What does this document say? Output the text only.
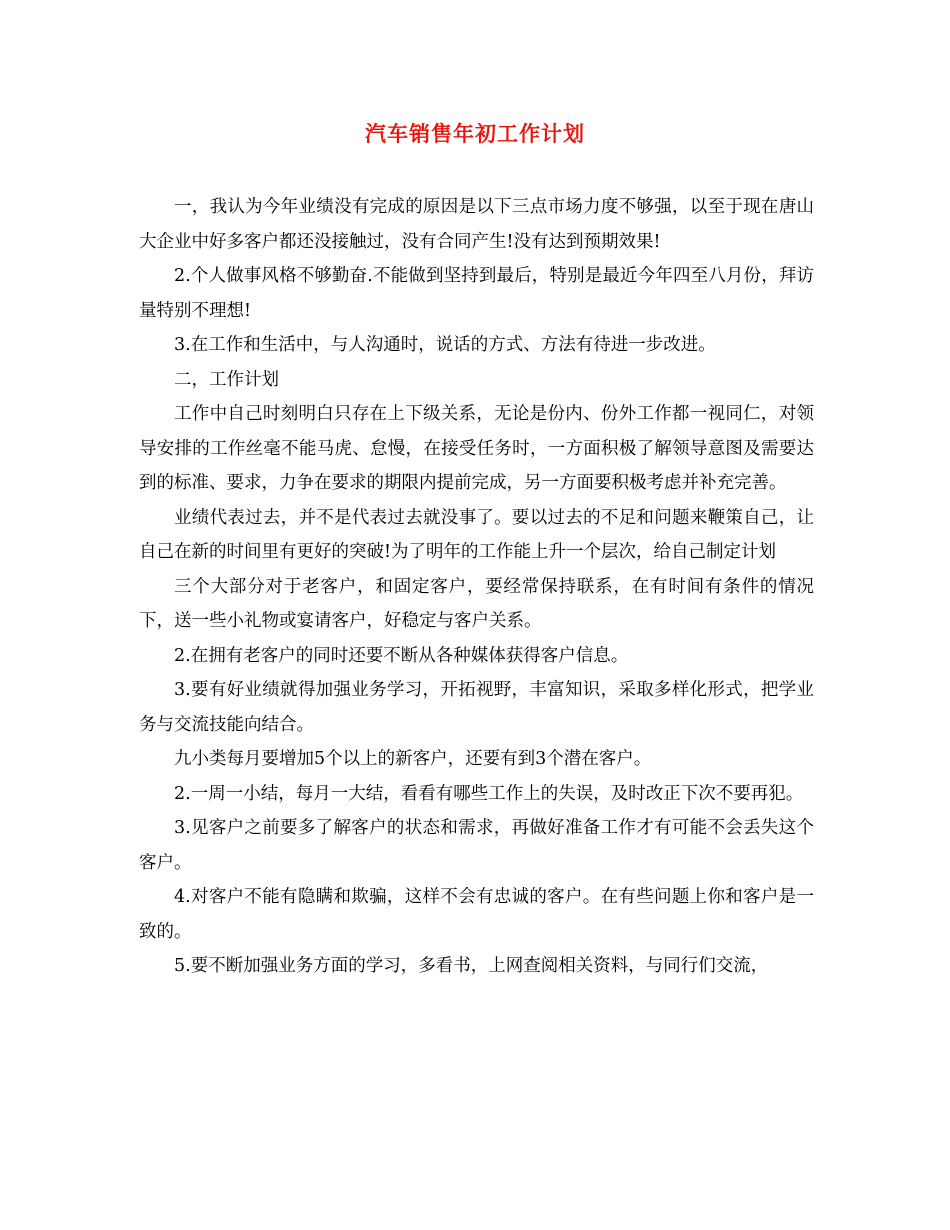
汽车销售年初工作计划

一，我认为今年业绩没有完成的原因是以下三点市场力度不够强，以至于现在唐山大企业中好多客户都还没接触过，没有合同产生!没有达到预期效果!

2.个人做事风格不够勤奋.不能做到坚持到最后，特别是最近今年四至八月份，拜访量特别不理想!

3.在工作和生活中，与人沟通时，说话的方式、方法有待进一步改进。

二，工作计划

工作中自己时刻明白只存在上下级关系，无论是份内、份外工作都一视同仁，对领导安排的工作丝毫不能马虎、怠慢，在接受任务时，一方面积极了解领导意图及需要达到的标准、要求，力争在要求的期限内提前完成，另一方面要积极考虑并补充完善。

业绩代表过去，并不是代表过去就没事了。要以过去的不足和问题来鞭策自己，让自己在新的时间里有更好的突破!为了明年的工作能上升一个层次，给自己制定计划

三个大部分对于老客户，和固定客户，要经常保持联系，在有时间有条件的情况下，送一些小礼物或宴请客户，好稳定与客户关系。

2.在拥有老客户的同时还要不断从各种媒体获得客户信息。

3.要有好业绩就得加强业务学习，开拓视野，丰富知识，采取多样化形式，把学业务与交流技能向结合。

九小类每月要增加5个以上的新客户，还要有到3个潜在客户。

2.一周一小结，每月一大结，看看有哪些工作上的失误，及时改正下次不要再犯。

3.见客户之前要多了解客户的状态和需求，再做好准备工作才有可能不会丢失这个客户。

4.对客户不能有隐瞒和欺骗，这样不会有忠诚的客户。在有些问题上你和客户是一致的。

5.要不断加强业务方面的学习，多看书，上网查阅相关资料，与同行们交流，
